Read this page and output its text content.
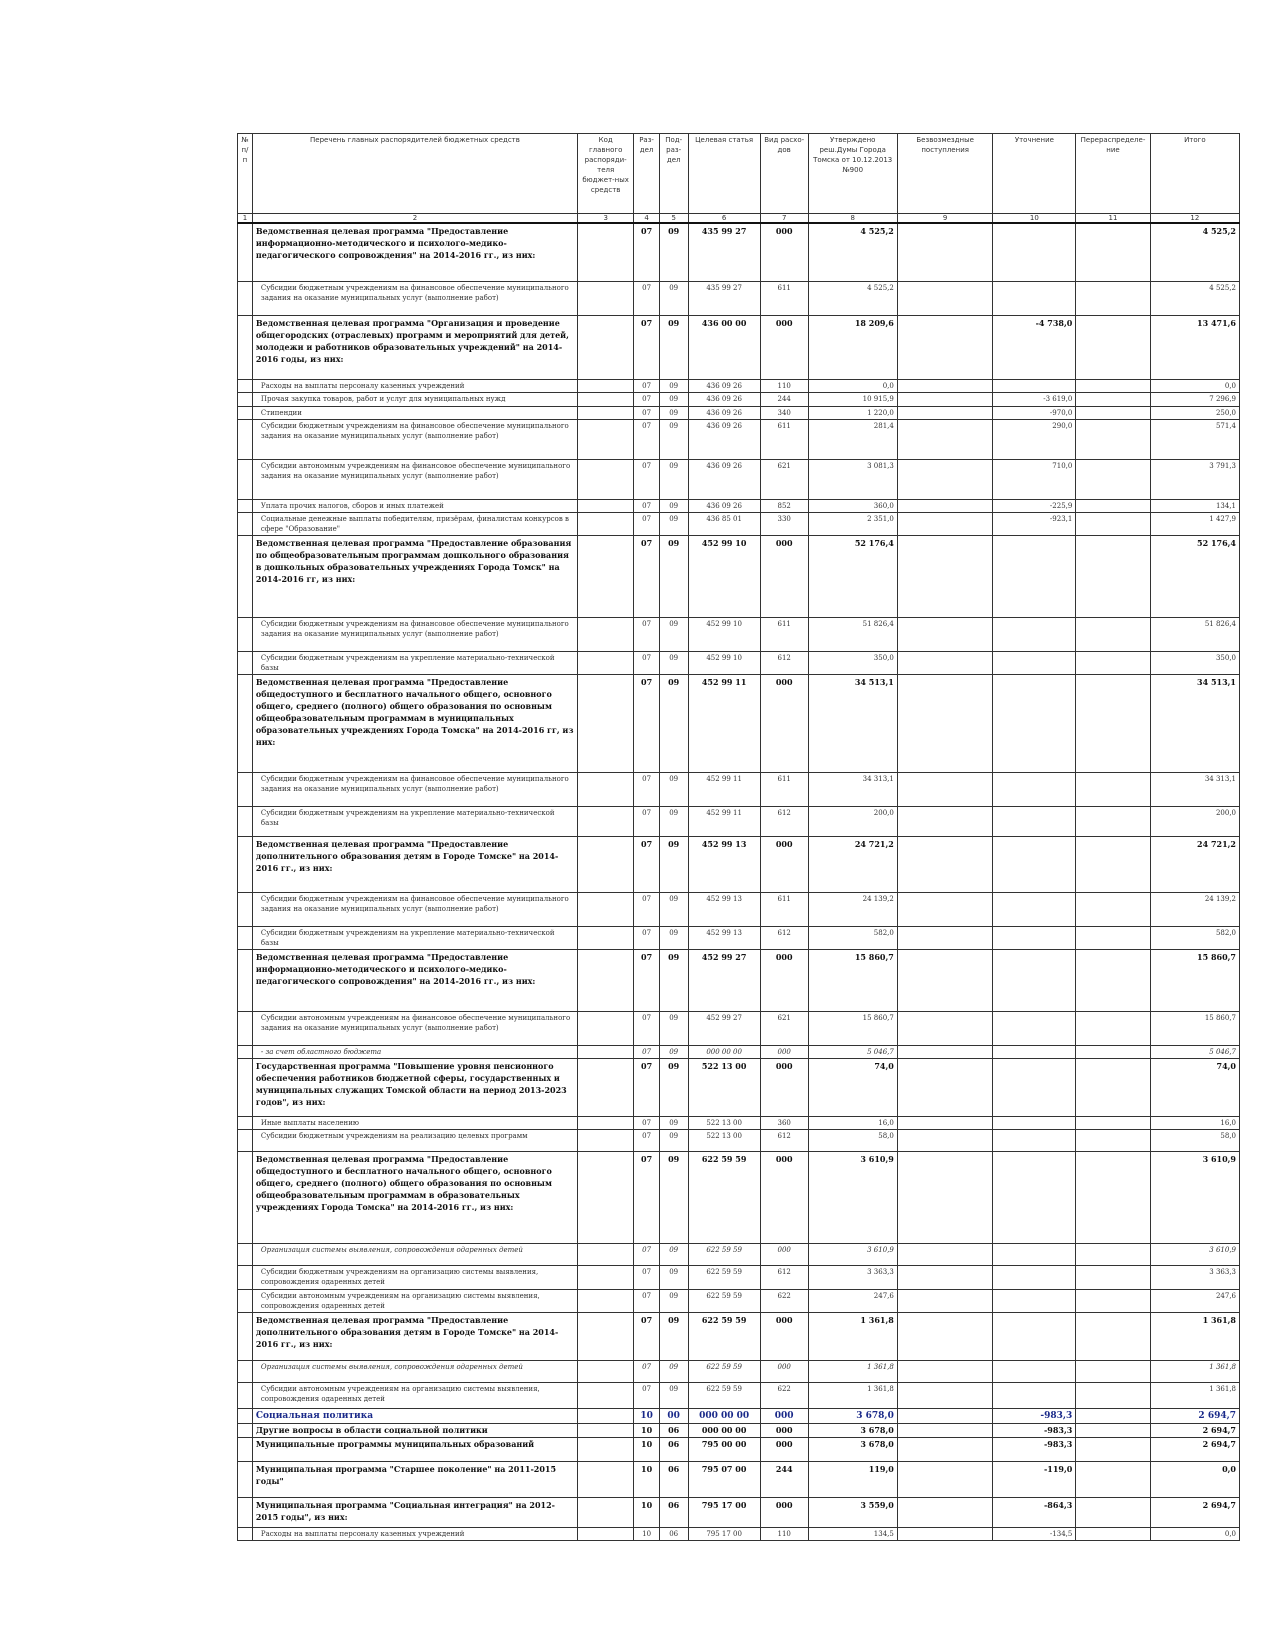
№ п/п	Перечень главных распорядителей бюджетных средств	Код главного распоряди-теля бюджет-ных средств	Раз-дел	Под-раз-дел	Целевая статья	Вид расхо-дов	Утверждено реш.Думы Города Томска от 10.12.2013 №900	Безвозмездные поступления	Уточнение	Перераспределе-ние	Итого
1	2	3	4	5	6	7	8	9	10	11	12
	Ведомственная целевая программа "Предоставление информационно-методического и психолого-медико-педагогического сопровождения" на 2014-2016 гг., из них:		07	09	435 99 27	000	4 525,2				4 525,2
	Субсидии бюджетным учреждениям на финансовое обеспечение муниципального задания на оказание муниципальных услуг (выполнение работ)		07	09	435 99 27	611	4 525,2				4 525,2
	Ведомственная целевая программа "Организация и проведение общегородских (отраслевых) программ и мероприятий для детей, молодежи и работников образовательных учреждений" на 2014-2016 годы, из них:		07	09	436 00 00	000	18 209,6		-4 738,0		13 471,6
	Расходы на выплаты персоналу казенных учреждений		07	09	436 09 26	110	0,0				0,0
	Прочая закупка товаров, работ и услуг для муниципальных нужд		07	09	436 09 26	244	10 915,9		-3 619,0		7 296,9
	Стипендии		07	09	436 09 26	340	1 220,0		-970,0		250,0
	Субсидии бюджетным учреждениям на финансовое обеспечение муниципального задания на оказание муниципальных услуг (выполнение работ)		07	09	436 09 26	611	281,4		290,0		571,4
	Субсидии автономным учреждениям на финансовое обеспечение муниципального задания на оказание муниципальных услуг (выполнение работ)		07	09	436 09 26	621	3 081,3		710,0		3 791,3
	Уплата прочих налогов, сборов и иных платежей		07	09	436 09 26	852	360,0		-225,9		134,1
	Социальные денежные выплаты победителям, призёрам, финалистам конкурсов в сфере "Образование"		07	09	436 85 01	330	2 351,0		-923,1		1 427,9
	Ведомственная целевая программа "Предоставление образования по общеобразовательным программам дошкольного образования в дошкольных образовательных учреждениях Города Томск" на 2014-2016 гг, из них:		07	09	452 99 10	000	52 176,4				52 176,4
	Субсидии бюджетным учреждениям на финансовое обеспечение муниципального задания на оказание муниципальных услуг (выполнение работ)		07	09	452 99 10	611	51 826,4				51 826,4
	Субсидии бюджетным учреждениям на укрепление материально-технической базы		07	09	452 99 10	612	350,0				350,0
	Ведомственная целевая программа "Предоставление общедоступного и бесплатного начального общего, основного общего, среднего (полного) общего образования по основным общеобразовательным программам в муниципальных образовательных учреждениях Города Томска" на 2014-2016 гг, из них:		07	09	452 99 11	000	34 513,1				34 513,1
	Субсидии бюджетным учреждениям на финансовое обеспечение муниципального задания на оказание муниципальных услуг (выполнение работ)		07	09	452 99 11	611	34 313,1				34 313,1
	Субсидии бюджетным учреждениям на укрепление материально-технической базы		07	09	452 99 11	612	200,0				200,0
	Ведомственная целевая программа "Предоставление дополнительного образования детям в Городе Томске" на 2014-2016 гг., из них:		07	09	452 99 13	000	24 721,2				24 721,2
	Субсидии бюджетным учреждениям на финансовое обеспечение муниципального задания на оказание муниципальных услуг (выполнение работ)		07	09	452 99 13	611	24 139,2				24 139,2
	Субсидии бюджетным учреждениям на укрепление материально-технической базы		07	09	452 99 13	612	582,0				582,0
	Ведомственная целевая программа "Предоставление информационно-методического и психолого-медико-педагогического сопровождения" на 2014-2016 гг., из них:		07	09	452 99 27	000	15 860,7				15 860,7
	Субсидии автономным учреждениям на финансовое обеспечение муниципального задания на оказание муниципальных услуг (выполнение работ)		07	09	452 99 27	621	15 860,7				15 860,7
	- за счет областного бюджета		07	09	000 00 00	000	5 046,7				5 046,7
	Государственная программа "Повышение уровня пенсионного обеспечения работников бюджетной сферы, государственных и муниципальных служащих Томской области на период 2013-2023 годов", из них:		07	09	522 13 00	000	74,0				74,0
	Иные выплаты населению		07	09	522 13 00	360	16,0				16,0
	Субсидии бюджетным учреждениям на реализацию целевых программ		07	09	522 13 00	612	58,0				58,0
	Ведомственная целевая программа "Предоставление общедоступного и бесплатного начального общего, основного общего, среднего (полного) общего образования по основным общеобразовательным программам в образовательных учреждениях Города Томска" на 2014-2016 гг., из них:		07	09	622 59 59	000	3 610,9				3 610,9
	Организация системы выявления, сопровождения одаренных детей		07	09	622 59 59	000	3 610,9				3 610,9
	Субсидии бюджетным учреждениям на организацию системы выявления, сопровождения одаренных детей		07	09	622 59 59	612	3 363,3				3 363,3
	Субсидии автономным учреждениям на организацию системы выявления, сопровождения одаренных детей		07	09	622 59 59	622	247,6				247,6
	Ведомственная целевая программа "Предоставление дополнительного образования детям в Городе Томске" на 2014-2016 гг., из них:		07	09	622 59 59	000	1 361,8				1 361,8
	Организация системы выявления, сопровождения одаренных детей		07	09	622 59 59	000	1 361,8				1 361,8
	Субсидии автономным учреждениям на организацию системы выявления, сопровождения одаренных детей		07	09	622 59 59	622	1 361,8				1 361,8
	Социальная политика		10	00	000 00 00	000	3 678,0		-983,3		2 694,7
	Другие вопросы в области социальной политики		10	06	000 00 00	000	3 678,0		-983,3		2 694,7
	Муниципальные программы муниципальных образований		10	06	795 00 00	000	3 678,0		-983,3		2 694,7
	Муниципальная программа "Старшее поколение" на 2011-2015 годы"		10	06	795 07 00	244	119,0		-119,0		0,0
	Муниципальная программа "Социальная интеграция" на 2012-2015 годы", из них:		10	06	795 17 00	000	3 559,0		-864,3		2 694,7
	Расходы на выплаты персоналу казенных учреждений		10	06	795 17 00	110	134,5		-134,5		0,0
